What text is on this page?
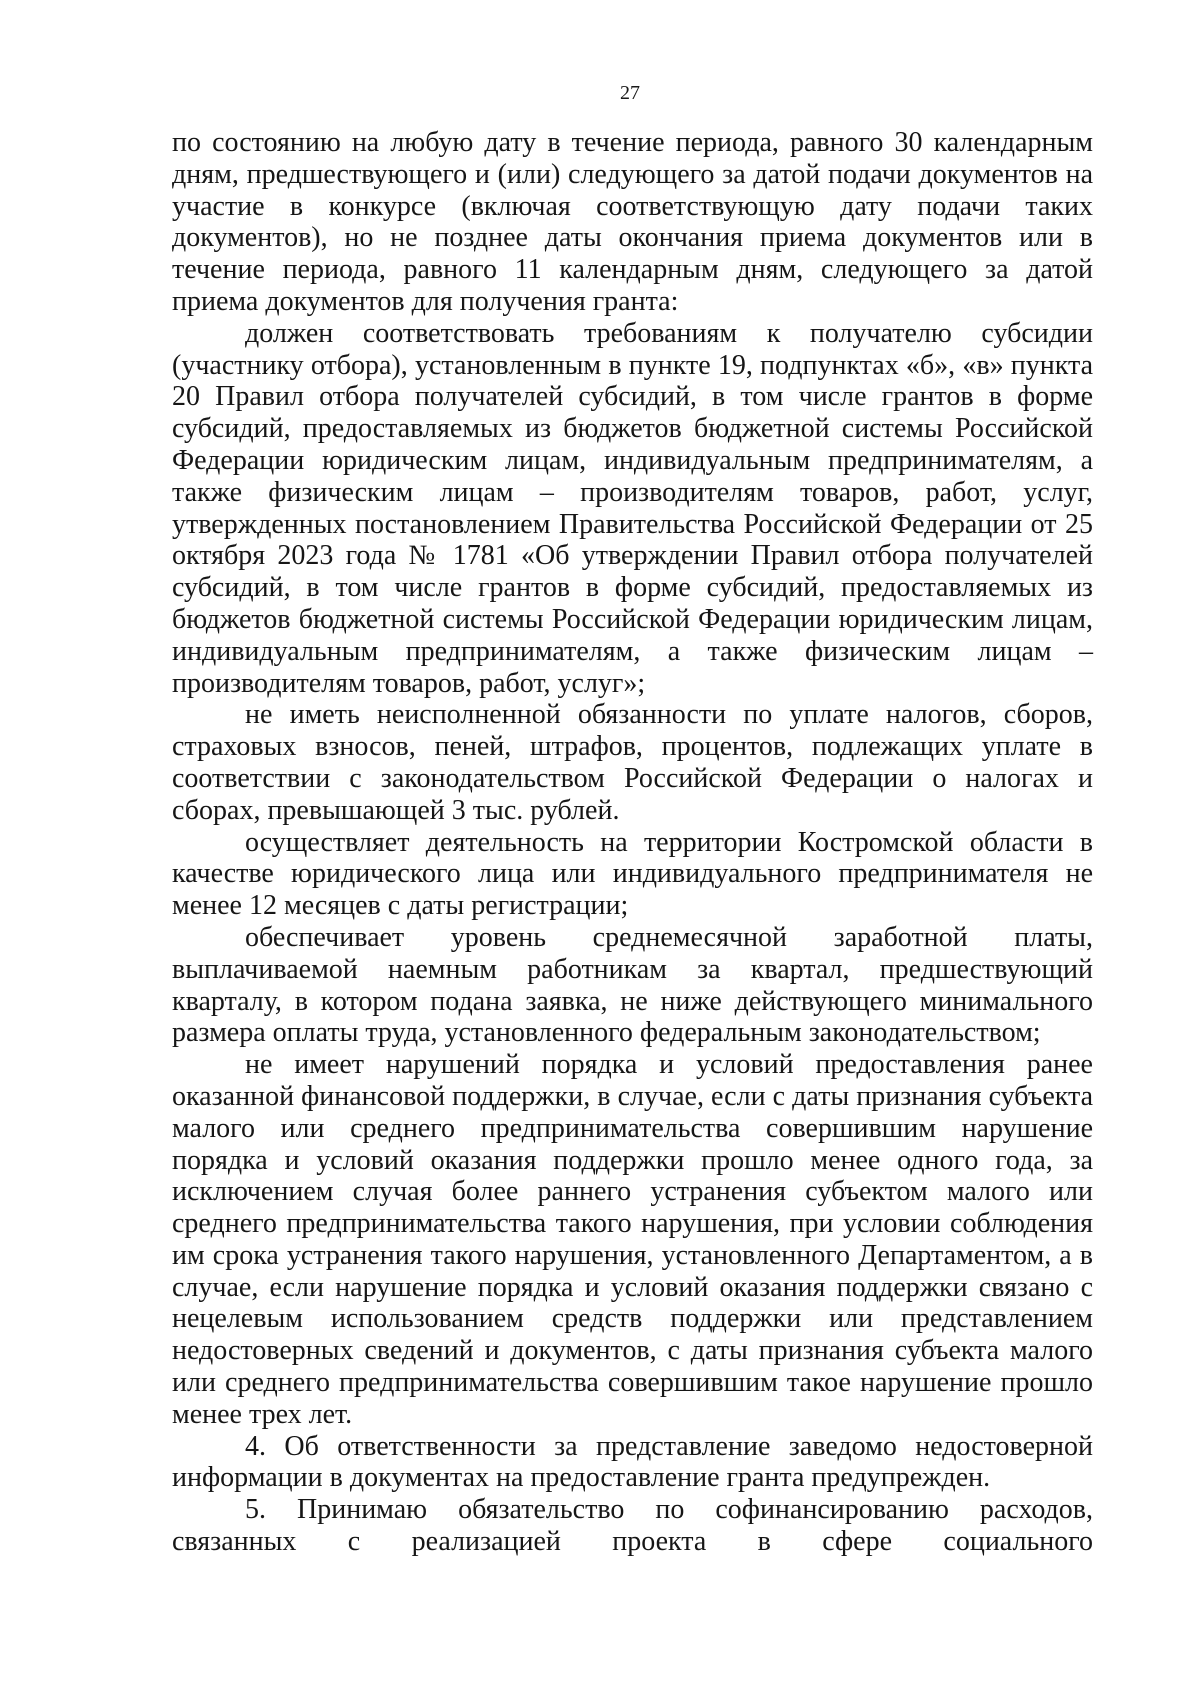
27

по состоянию на любую дату в течение периода, равного 30 календарным дням, предшествующего и (или) следующего за датой подачи документов на участие в конкурсе (включая соответствующую дату подачи таких документов), но не позднее даты окончания приема документов или в течение периода, равного 11 календарным дням, следующего за датой приема документов для получения гранта:

должен соответствовать требованиям к получателю субсидии (участнику отбора), установленным в пункте 19, подпунктах «б», «в» пункта 20 Правил отбора получателей субсидий, в том числе грантов в форме субсидий, предоставляемых из бюджетов бюджетной системы Российской Федерации юридическим лицам, индивидуальным предпринимателям, а также физическим лицам – производителям товаров, работ, услуг, утвержденных постановлением Правительства Российской Федерации от 25 октября 2023 года № 1781 «Об утверждении Правил отбора получателей субсидий, в том числе грантов в форме субсидий, предоставляемых из бюджетов бюджетной системы Российской Федерации юридическим лицам, индивидуальным предпринимателям, а также физическим лицам – производителям товаров, работ, услуг»;

не иметь неисполненной обязанности по уплате налогов, сборов, страховых взносов, пеней, штрафов, процентов, подлежащих уплате в соответствии с законодательством Российской Федерации о налогах и сборах, превышающей 3 тыс. рублей.

осуществляет деятельность на территории Костромской области в качестве юридического лица или индивидуального предпринимателя не менее 12 месяцев с даты регистрации;

обеспечивает уровень среднемесячной заработной платы, выплачиваемой наемным работникам за квартал, предшествующий кварталу, в котором подана заявка, не ниже действующего минимального размера оплаты труда, установленного федеральным законодательством;

не имеет нарушений порядка и условий предоставления ранее оказанной финансовой поддержки, в случае, если с даты признания субъекта малого или среднего предпринимательства совершившим нарушение порядка и условий оказания поддержки прошло менее одного года, за исключением случая более раннего устранения субъектом малого или среднего предпринимательства такого нарушения, при условии соблюдения им срока устранения такого нарушения, установленного Департаментом, а в случае, если нарушение порядка и условий оказания поддержки связано с нецелевым использованием средств поддержки или представлением недостоверных сведений и документов, с даты признания субъекта малого или среднего предпринимательства совершившим такое нарушение прошло менее трех лет.

4. Об ответственности за представление заведомо недостоверной информации в документах на предоставление гранта предупрежден.

5. Принимаю обязательство по софинансированию расходов, связанных с реализацией проекта в сфере социального
